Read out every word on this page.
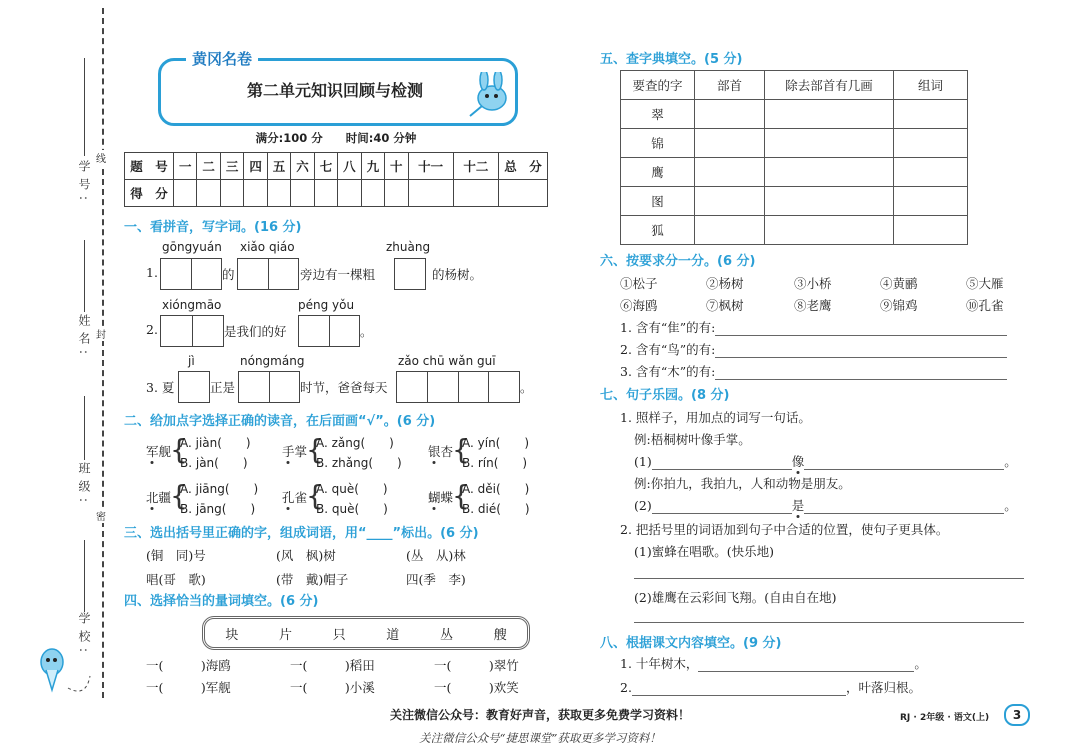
学校:
班级:
姓名:
学号:
线
封
密
黄冈名卷
第二单元知识回顾与检测
满分:100 分　　时间:40 分钟
题　号	一	二	三	四	五	六	七	八	九	十	十一	十二	总　分
得　分													
一、看拼音，写字词。(16 分)
gōngyuán xiǎo qiáo	zhuàng
1.	的	旁边有一棵粗	的杨树。
xióngmāo	péng yǒu
2.	是我们的好	。
jì	nóngmáng	zǎo chū wǎn guī
3. 夏	正是	时节，爸爸每天	。
二、给加点字选择正确的读音，在后面画“√”。(6 分)
军舰
{
A. jiàn(　　)
B. jàn(　　)
手掌
{
A. zǎng(　　)
B. zhǎng(　　)
银杏
{
A. yín(　　)
B. rín(　　)
北疆
{
A. jiāng(　　)
B. jāng(　　)
孔雀
{
A. què(　　)
B. què(　　)
蝴蝶
{
A. děi(　　)
B. dié(　　)
三、选出括号里正确的字，组成词语，用“____”标出。(6 分)
(铜　同)号	(风　枫)树	(丛　从)林
唱(哥　歌)	(带　戴)帽子	四(季　李)
四、选择恰当的量词填空。(6 分)
块	片	只	道	丛	艘
一(　　　)海鸥	一(　　　)稻田	一(　　　)翠竹
一(　　　)军舰	一(　　　)小溪	一(　　　)欢笑
五、查字典填空。(5 分)
要查的字	部首	除去部首有几画	组词
翠			
锦			
鹰			
图			
狐			
六、按要求分一分。(6 分)
①松子	②杨树	③小桥	④黄鹂	⑤大雁
⑥海鸥	⑦枫树	⑧老鹰	⑨锦鸡	⑩孔雀
1. 含有“隹”的有:
2. 含有“鸟”的有:
3. 含有“木”的有:
七、句子乐园。(8 分)
1. 照样子，用加点的词写一句话。
例:梧桐树叶像手掌。
(1)	像	。
例:你拍九，我拍九，人和动物是朋友。
(2)	是	。
2. 把括号里的词语加到句子中合适的位置，使句子更具体。
(1)蜜蜂在唱歌。(快乐地)
(2)雄鹰在云彩间飞翔。(自由自在地)
八、根据课文内容填空。(9 分)
1. 十年树木，	。
2.	，叶落归根。
关注微信公众号：教育好声音，获取更多免费学习资料！	RJ · 2年级 · 语文(上)	3
关注微信公众号“捷思课堂”获取更多学习资料！
